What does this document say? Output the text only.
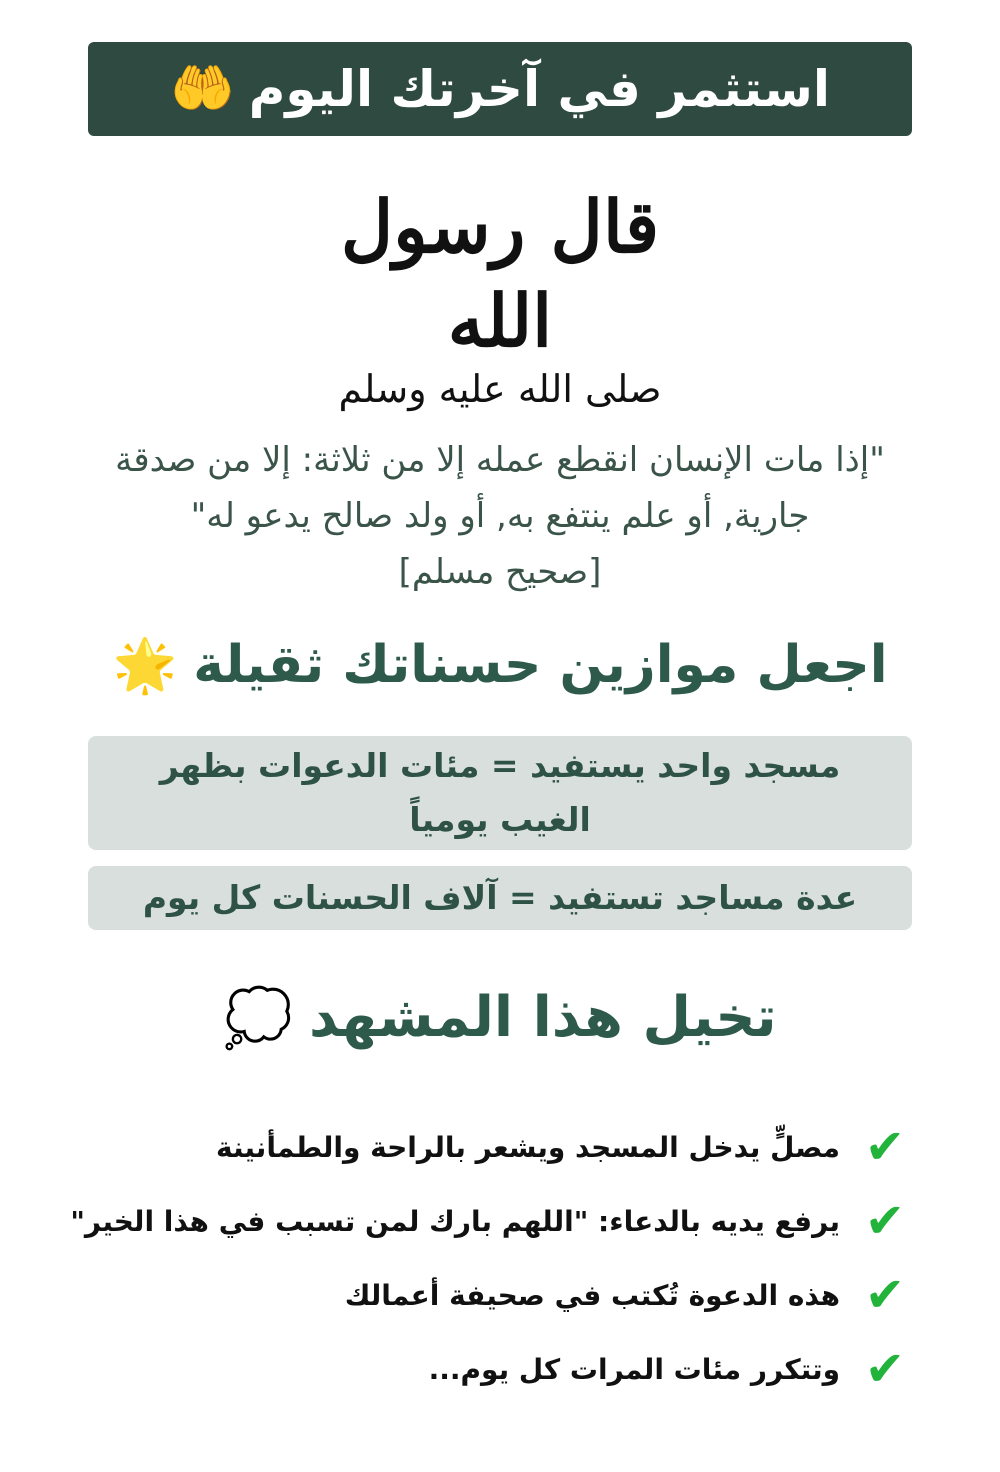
استثمر في آخرتك اليوم
🤲
قال رسول الله
صلى الله عليه وسلم
"إذا مات الإنسان انقطع عمله إلا من ثلاثة: إلا من صدقة
جارية, أو علم ينتفع به, أو ولد صالح يدعو له"
[صحيح مسلم]
اجعل موازين حسناتك ثقيلة
🌟
مسجد واحد يستفيد = مئات الدعوات بظهر الغيب يومياً
عدة مساجد تستفيد = آلاف الحسنات كل يوم
تخيل هذا المشهد
💭
✔
مصلٍّ يدخل المسجد ويشعر بالراحة والطمأنينة
✔
يرفع يديه بالدعاء: "اللهم بارك لمن تسبب في هذا الخير"
✔
هذه الدعوة تُكتب في صحيفة أعمالك
✔
وتتكرر مئات المرات كل يوم...
